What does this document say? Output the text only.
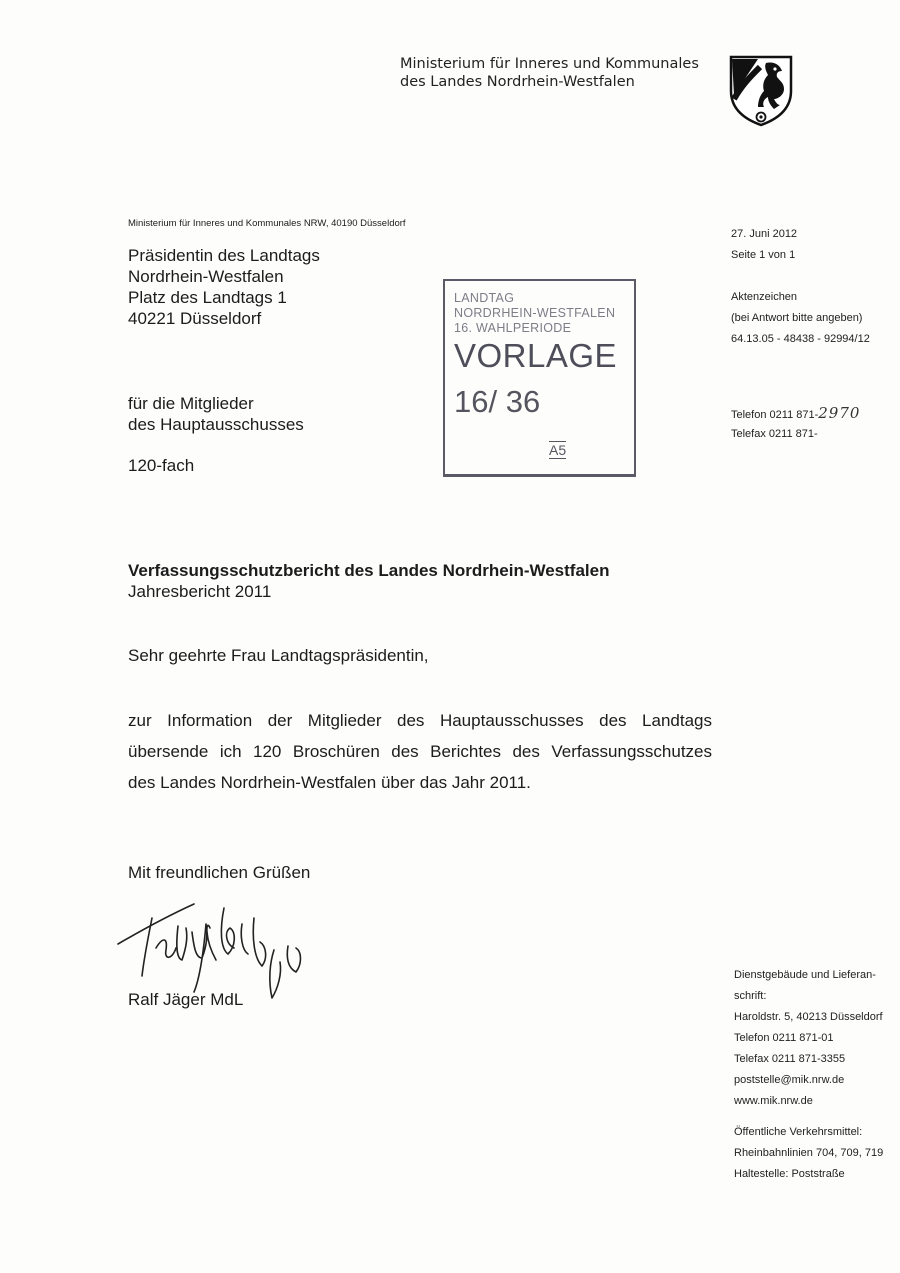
Ministerium für Inneres und Kommunales
des Landes Nordrhein-Westfalen
Ministerium für Inneres und Kommunales NRW, 40190 Düsseldorf
Präsidentin des Landtags
Nordrhein-Westfalen
Platz des Landtags 1
40221 Düsseldorf
für die Mitglieder
des Hauptausschusses
120-fach
LANDTAG
NORDRHEIN-WESTFALEN
16. WAHLPERIODE
VORLAGE
16/ 36
A5
27. Juni 2012
Seite 1 von 1
Aktenzeichen
(bei Antwort bitte angeben)
64.13.05 - 48438 - 92994/12
Telefon 0211 871-2970
Telefax 0211 871-
Verfassungsschutzbericht des Landes Nordrhein-Westfalen
Jahresbericht 2011
Sehr geehrte Frau Landtagspräsidentin,
zur Information der Mitglieder des Hauptausschusses des Landtags
übersende ich 120 Broschüren des Berichtes des Verfassungsschutzes
des Landes Nordrhein-Westfalen über das Jahr 2011.
Mit freundlichen Grüßen
Ralf Jäger MdL
Dienstgebäude und Lieferan-
schrift:
Haroldstr. 5, 40213 Düsseldorf
Telefon 0211 871-01
Telefax 0211 871-3355
poststelle@mik.nrw.de
www.mik.nrw.de
Öffentliche Verkehrsmittel:
Rheinbahnlinien 704, 709, 719
Haltestelle: Poststraße
